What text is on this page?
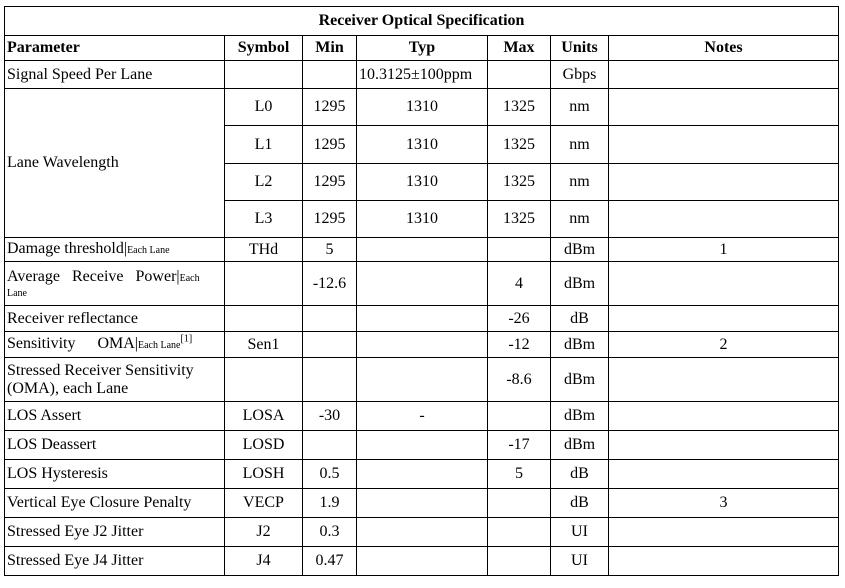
Receiver Optical Specification						
Parameter	Symbol	Min	Typ	Max	Units	Notes
Signal Speed Per Lane			10.3125±100ppm		Gbps	
Lane Wavelength	L0	1295	1310	1325	nm	
	L1	1295	1310	1325	nm	
	L2	1295	1310	1325	nm	
	L3	1295	1310	1325	nm	
Damage threshold|Each Lane	THd	5			dBm	1
Average Receive Power|Each
Lane		-12.6		4	dBm	
Receiver reflectance				-26	dB	
Sensitivity OMA|Each Lane[1]	Sen1			-12	dBm	2

Stressed Receiver Sensitivity
(OMA), each Lane				-8.6	dBm	
LOS Assert	LOSA	-30	-		dBm	
LOS Deassert	LOSD			-17	dBm	
LOS Hysteresis	LOSH	0.5		5	dB	
Vertical Eye Closure Penalty	VECP	1.9			dB	3
Stressed Eye J2 Jitter	J2	0.3			UI	
Stressed Eye J4 Jitter	J4	0.47			UI	
